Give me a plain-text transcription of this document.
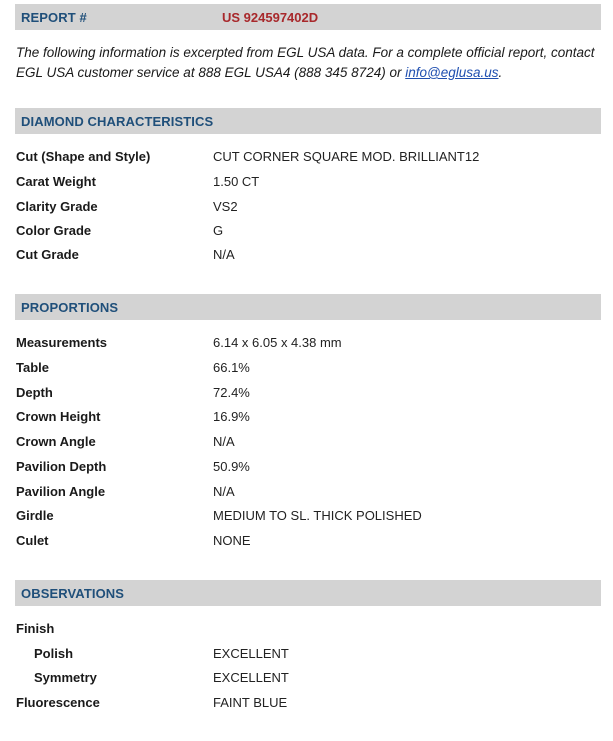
REPORT #	US 924597402D
The following information is excerpted from EGL USA data. For a complete official report, contact EGL USA customer service at 888 EGL USA4 (888 345 8724) or info@eglusa.us.
DIAMOND CHARACTERISTICS
Cut (Shape and Style)	CUT CORNER SQUARE MOD. BRILLIANT12
Carat Weight	1.50 CT
Clarity Grade	VS2
Color Grade	G
Cut Grade	N/A
PROPORTIONS
Measurements	6.14 x 6.05 x 4.38 mm
Table	66.1%
Depth	72.4%
Crown Height	16.9%
Crown Angle	N/A
Pavilion Depth	50.9%
Pavilion Angle	N/A
Girdle	MEDIUM TO SL. THICK POLISHED
Culet	NONE
OBSERVATIONS
Finish
Polish	EXCELLENT
Symmetry	EXCELLENT
Fluorescence	FAINT BLUE
